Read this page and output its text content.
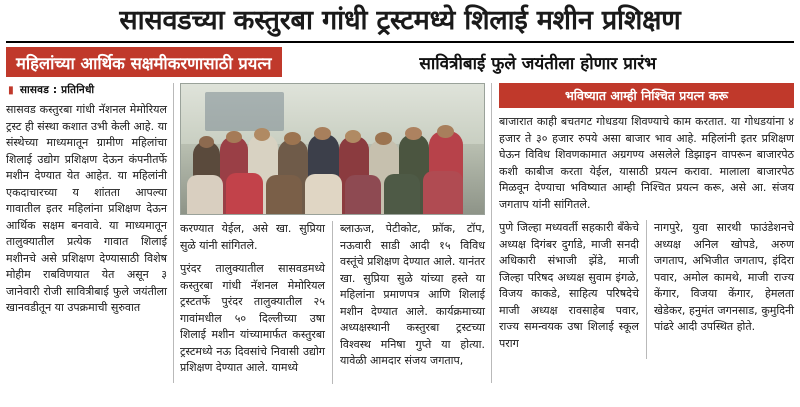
सासवडच्या कस्तुरबा गांधी ट्रस्टमध्ये शिलाई मशीन प्रशिक्षण
महिलांच्या आर्थिक सक्षमीकरणासाठी प्रयत्न	सावित्रीबाई फुले जयंतीला होणार प्रारंभ
▮ सासवड : प्रतिनिधी

सासवड कस्तुरबा गांधी नॅशनल मेमोरियल ट्रस्ट ही संस्था कशात उभी केली आहे. या संस्थेच्या माध्यमातून ग्रामीण महिलांचा शिलाई उद्योग प्रशिक्षण देऊन कंपनीतर्फे मशीन देण्यात येत आहेत. या महिलांनी एकदाचारच्या य शांतता आपल्या गावातील इतर महिलांना प्रशिक्षण देऊन आर्थिक सक्षम बनवावे. या माध्यमातून तालुक्यातील प्रत्येक गावात शिलाई मशीनचे असे प्रशिक्षण देण्यासाठी विशेष मोहीम राबविणयात येत असून ३ जानेवारी रोजी सावित्रीबाई फुले जयंतीला खानवडीतून या उपक्रमाची सुरुवात

करण्यात येईल, असे खा. सुप्रिया सुळे यांनी सांगितले.

पुरंदर तालुक्यातील सासवडमध्ये कस्तुरबा गांधी नॅशनल मेमोरियल ट्रस्टतर्फे पुरंदर तालुक्यातील २५ गावांमधील ५० दिल्लीच्या उषा शिलाई मशीन यांच्यामार्फत कस्तुरबा ट्रस्टमध्ये नऊ दिवसांचे निवासी उद्योग प्रशिक्षण देण्यात आले. यामध्ये

ब्लाऊज, पेटीकोट, फ्रॉक, टॉप, नऊवारी साडी आदी १५ विविध वस्तूंचे प्रशिक्षण देण्यात आले. यानंतर खा. सुप्रिया सुळे यांच्या हस्ते या महिलांना प्रमाणपत्र आणि शिलाई मशीन देण्यात आले. कार्यक्रमाच्या अध्यक्षस्थानी कस्तुरबा ट्रस्टच्या विश्वस्थ मनिषा गुप्ते या होत्या. यावेळी आमदार संजय जगताप,

भविष्यात आम्ही निश्चित प्रयत्न करू

बाजारात काही बचतगट गोधडया शिवण्याचे काम करतात. या गोधडयांना ४ हजार ते ३० हजार रुपये असा बाजार भाव आहे. महिलांनी इतर प्रशिक्षण घेऊन विविध शिवणकामात अग्रगण्य असलेले डिझाइन वापरून बाजारपेठ कशी काबीज करता येईल, यासाठी प्रयत्न करावा. मालाला बाजारपेठ मिळवून देण्याचा भविष्यात आम्ही निश्चित प्रयत्न करू, असे आ. संजय जगताप यांनी सांगितले.

पुणे जिल्हा मध्यवर्ती सहकारी बँकेचे अध्यक्ष दिगंबर दुर्गाडे, माजी सनदी अधिकारी संभाजी झेंडे, माजी जिल्हा परिषद अध्यक्ष सुवाम इंगळे, विजय काकडे, साहित्य परिषदेचे माजी अध्यक्ष रावसाहेब पवार, राज्य समन्वयक उषा शिलाई स्कूल पराग

नागपुरे, युवा सारथी फाउंडेशनचे अध्यक्ष अनिल खोपडे, अरुण जगताप, अभिजीत जगताप, इंदिरा पवार, अमोल कामथे, माजी राज्य केंगार, विजया केंगार, हेमलता खेडेकर, हनुमंत जगनसाड, कुमुदिनी पांढरे आदी उपस्थित होते.
